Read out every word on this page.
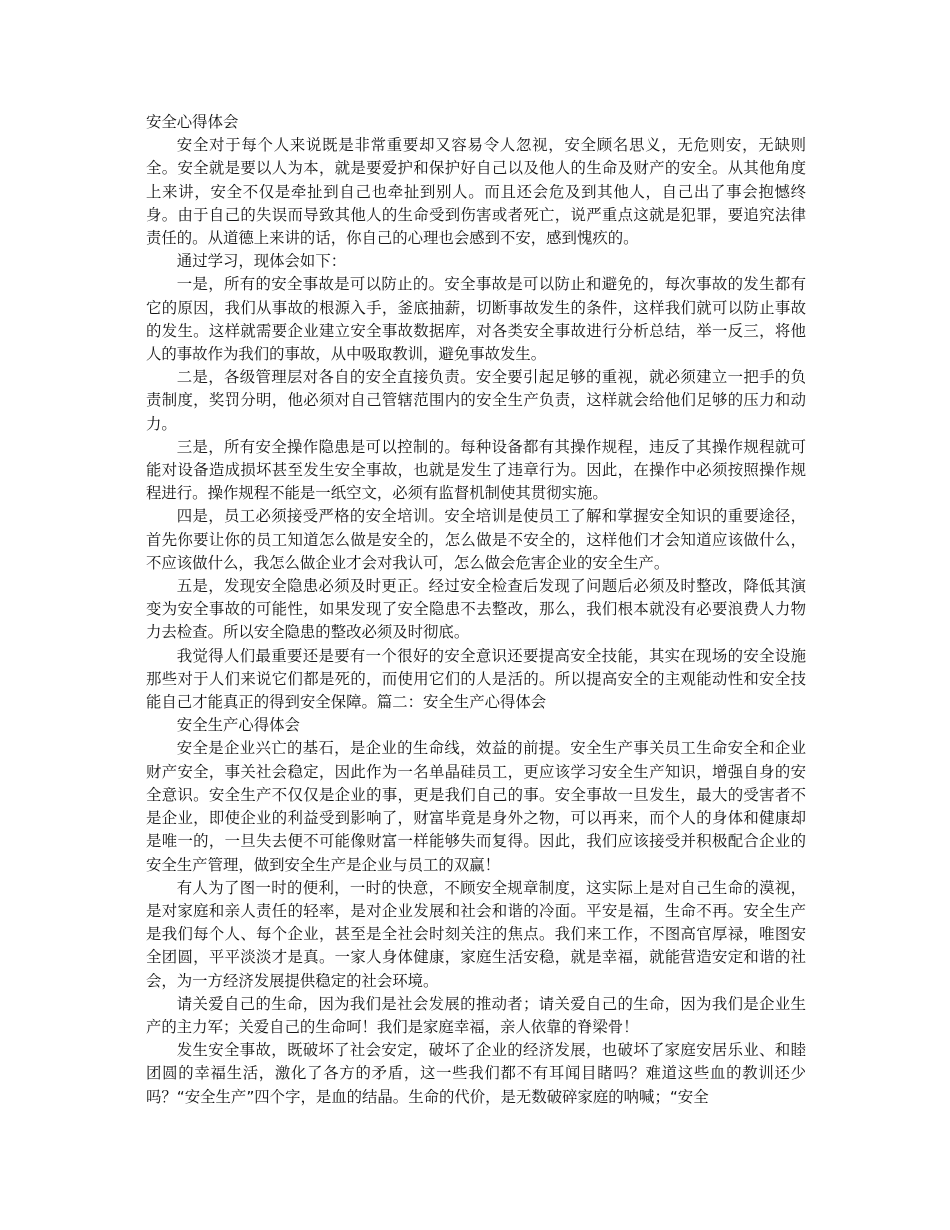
安全心得体会

安全对于每个人来说既是非常重要却又容易令人忽视，安全顾名思义，无危则安，无缺则全。安全就是要以人为本，就是要爱护和保护好自己以及他人的生命及财产的安全。从其他角度上来讲，安全不仅是牵扯到自己也牵扯到别人。而且还会危及到其他人，自己出了事会抱憾终身。由于自己的失误而导致其他人的生命受到伤害或者死亡，说严重点这就是犯罪，要追究法律责任的。从道德上来讲的话，你自己的心理也会感到不安，感到愧疚的。

通过学习，现体会如下：

一是，所有的安全事故是可以防止的。安全事故是可以防止和避免的，每次事故的发生都有它的原因，我们从事故的根源入手，釜底抽薪，切断事故发生的条件，这样我们就可以防止事故的发生。这样就需要企业建立安全事故数据库，对各类安全事故进行分析总结，举一反三，将他人的事故作为我们的事故，从中吸取教训，避免事故发生。

二是，各级管理层对各自的安全直接负责。安全要引起足够的重视，就必须建立一把手的负责制度，奖罚分明，他必须对自己管辖范围内的安全生产负责，这样就会给他们足够的压力和动力。

三是，所有安全操作隐患是可以控制的。每种设备都有其操作规程，违反了其操作规程就可能对设备造成损坏甚至发生安全事故，也就是发生了违章行为。因此，在操作中必须按照操作规程进行。操作规程不能是一纸空文，必须有监督机制使其贯彻实施。

四是，员工必须接受严格的安全培训。安全培训是使员工了解和掌握安全知识的重要途径，首先你要让你的员工知道怎么做是安全的，怎么做是不安全的，这样他们才会知道应该做什么，不应该做什么，我怎么做企业才会对我认可，怎么做会危害企业的安全生产。

五是，发现安全隐患必须及时更正。经过安全检查后发现了问题后必须及时整改，降低其演变为安全事故的可能性，如果发现了安全隐患不去整改，那么，我们根本就没有必要浪费人力物力去检查。所以安全隐患的整改必须及时彻底。

我觉得人们最重要还是要有一个很好的安全意识还要提高安全技能，其实在现场的安全设施那些对于人们来说它们都是死的，而使用它们的人是活的。所以提高安全的主观能动性和安全技能自己才能真正的得到安全保障。篇二：安全生产心得体会

安全生产心得体会

安全是企业兴亡的基石，是企业的生命线，效益的前提。安全生产事关员工生命安全和企业财产安全，事关社会稳定，因此作为一名单晶硅员工，更应该学习安全生产知识，增强自身的安全意识。安全生产不仅仅是企业的事，更是我们自己的事。安全事故一旦发生，最大的受害者不是企业，即使企业的利益受到影响了，财富毕竟是身外之物，可以再来，而个人的身体和健康却是唯一的，一旦失去便不可能像财富一样能够失而复得。因此，我们应该接受并积极配合企业的安全生产管理，做到安全生产是企业与员工的双赢！

有人为了图一时的便利，一时的快意，不顾安全规章制度，这实际上是对自己生命的漠视，是对家庭和亲人责任的轻率，是对企业发展和社会和谐的冷面。平安是福，生命不再。安全生产是我们每个人、每个企业，甚至是全社会时刻关注的焦点。我们来工作，不图高官厚禄，唯图安全团圆，平平淡淡才是真。一家人身体健康，家庭生活安稳，就是幸福，就能营造安定和谐的社会，为一方经济发展提供稳定的社会环境。

请关爱自己的生命，因为我们是社会发展的推动者；请关爱自己的生命，因为我们是企业生产的主力军；关爱自己的生命呵！我们是家庭幸福，亲人依靠的脊梁骨！

发生安全事故，既破坏了社会安定，破坏了企业的经济发展，也破坏了家庭安居乐业、和睦团圆的幸福生活，激化了各方的矛盾，这一些我们都不有耳闻目睹吗？难道这些血的教训还少吗？“安全生产”四个字，是血的结晶。生命的代价，是无数破碎家庭的呐喊；“安全
